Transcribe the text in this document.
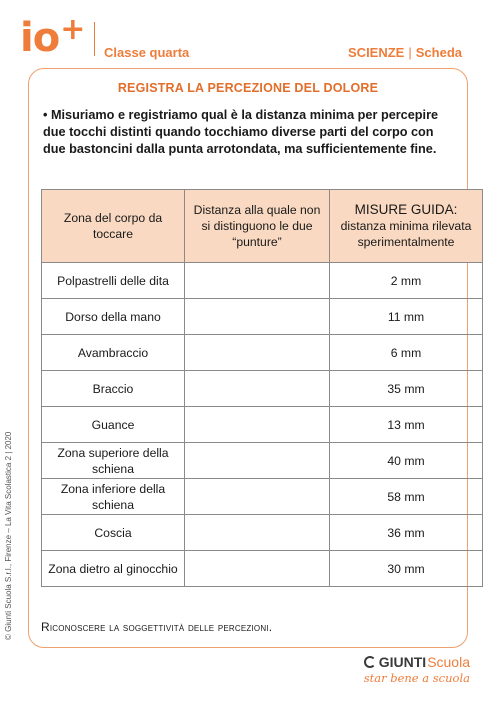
io+
Classe quarta	SCIENZE | Scheda
REGISTRA LA PERCEZIONE DEL DOLORE
• Misuriamo e registriamo qual è la distanza minima per percepire due tocchi distinti quando tocchiamo diverse parti del corpo con due bastoncini dalla punta arrotondata, ma sufficientemente fine.
Zona del corpo da toccare	Distanza alla quale non si distinguono le due “punture”	MISURE GUIDA:
distanza minima rilevata sperimentalmente
Polpastrelli delle dita		2 mm
Dorso della mano		11 mm
Avambraccio		6 mm
Braccio		35 mm
Guance		13 mm
Zona superiore della schiena		40 mm
Zona inferiore della schiena		58 mm
Coscia		36 mm
Zona dietro al ginocchio		30 mm
Riconoscere la soggettività delle percezioni.
© Giunti Scuola S.r.l., Firenze – La Vita Scolastica 2 | 2020
GIUNTIScuola
star bene a scuola
